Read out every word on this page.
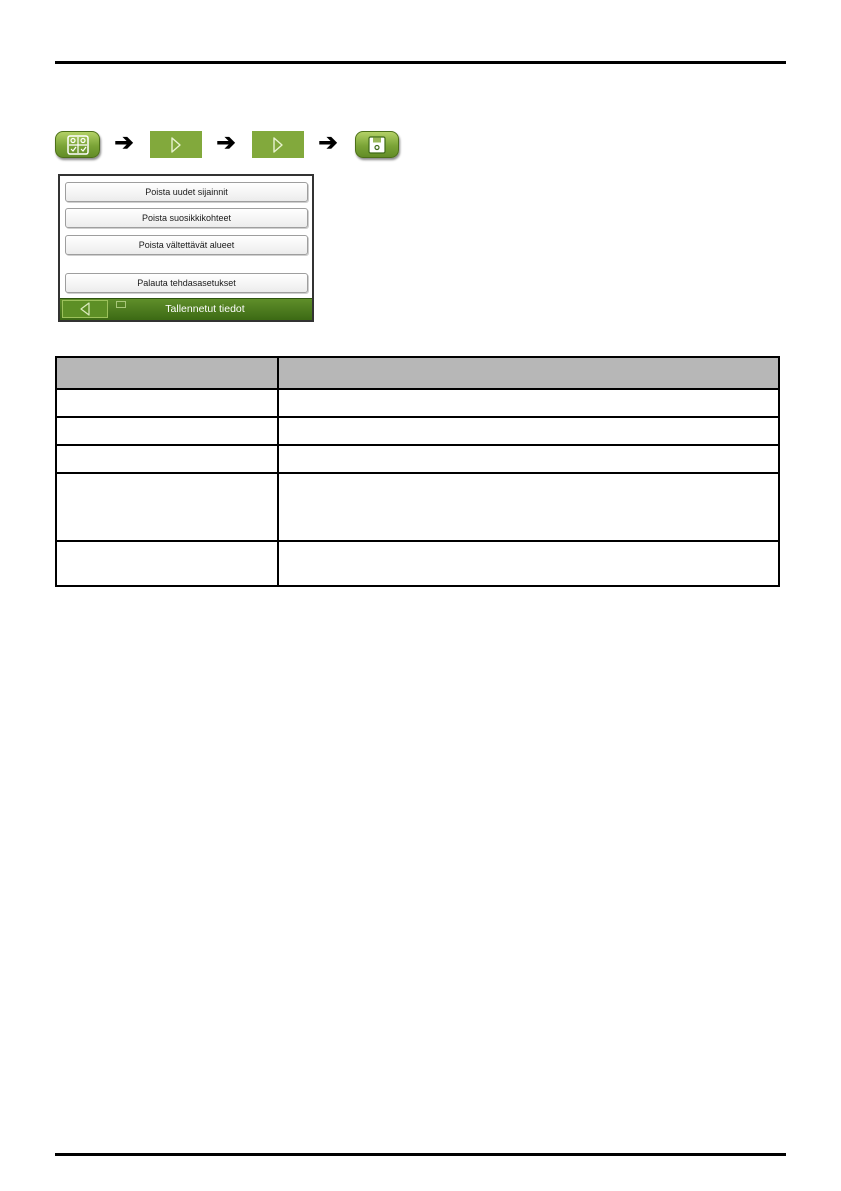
➔	➔	➔
Poista uudet sijainnit
Poista suosikkikohteet
Poista vältettävät alueet
Palauta tehdasasetukset
Tallennetut tiedot
